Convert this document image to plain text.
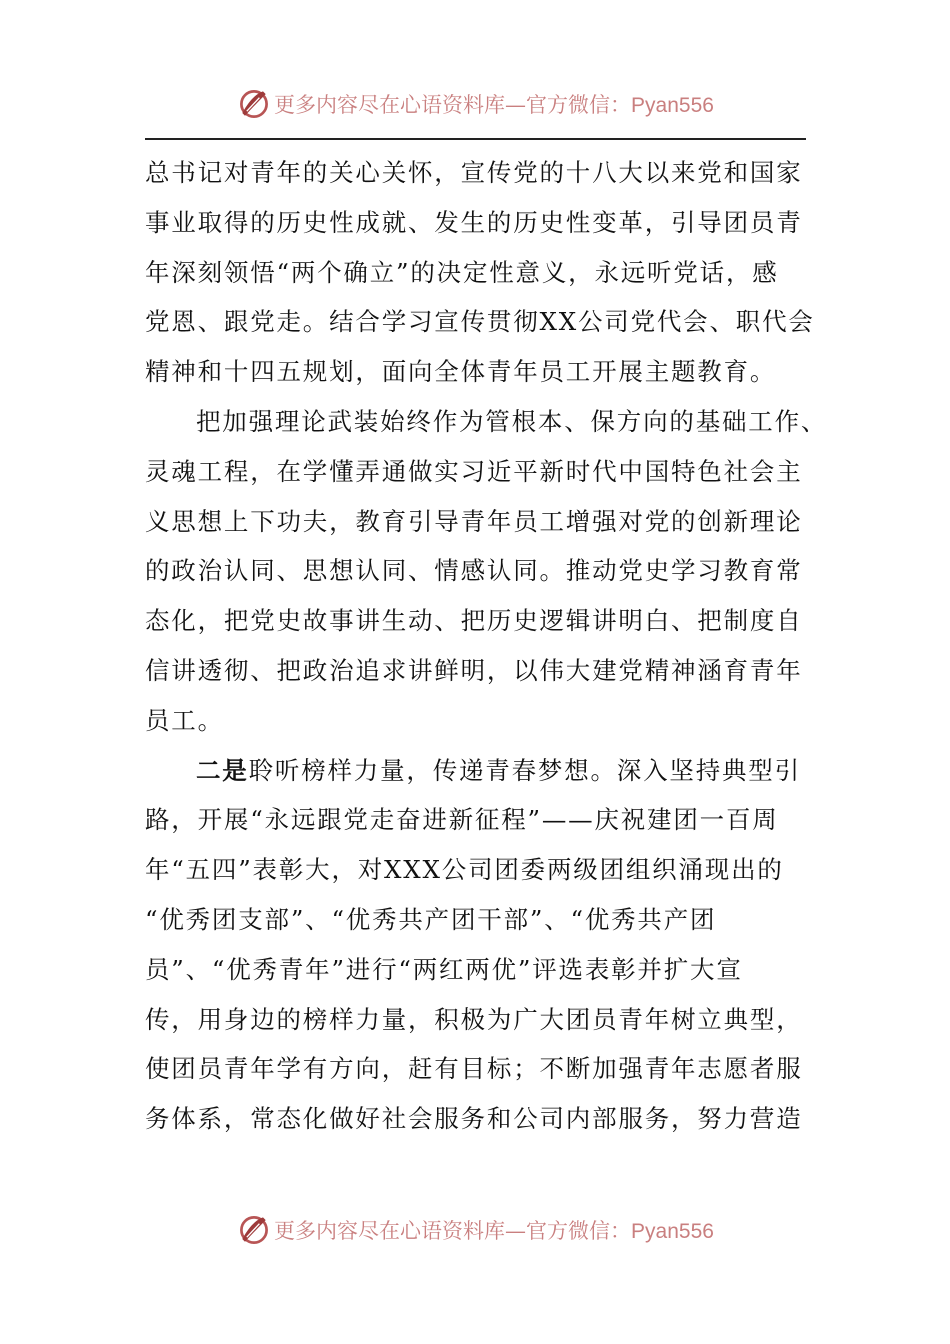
更多内容尽在心语资料库—官方微信：Pyan556
总书记对青年的关心关怀，宣传党的十八大以来党和国家
事业取得的历史性成就、发生的历史性变革，引导团员青
年深刻领悟“两个确立”的决定性意义，永远听党话，感
党恩、跟党走。结合学习宣传贯彻XX公司党代会、职代会
精神和十四五规划，面向全体青年员工开展主题教育。
把加强理论武装始终作为管根本、保方向的基础工作、
灵魂工程，在学懂弄通做实习近平新时代中国特色社会主
义思想上下功夫，教育引导青年员工增强对党的创新理论
的政治认同、思想认同、情感认同。推动党史学习教育常
态化，把党史故事讲生动、把历史逻辑讲明白、把制度自
信讲透彻、把政治追求讲鲜明，以伟大建党精神涵育青年
员工。
二是聆听榜样力量，传递青春梦想。深入坚持典型引
路，开展“永远跟党走奋进新征程”——庆祝建团一百周
年“五四”表彰大，对XXX公司团委两级团组织涌现出的
“优秀团支部”、“优秀共产团干部”、“优秀共产团
员”、“优秀青年”进行“两红两优”评选表彰并扩大宣
传，用身边的榜样力量，积极为广大团员青年树立典型，
使团员青年学有方向，赶有目标；不断加强青年志愿者服
务体系，常态化做好社会服务和公司内部服务，努力营造
更多内容尽在心语资料库—官方微信：Pyan556
